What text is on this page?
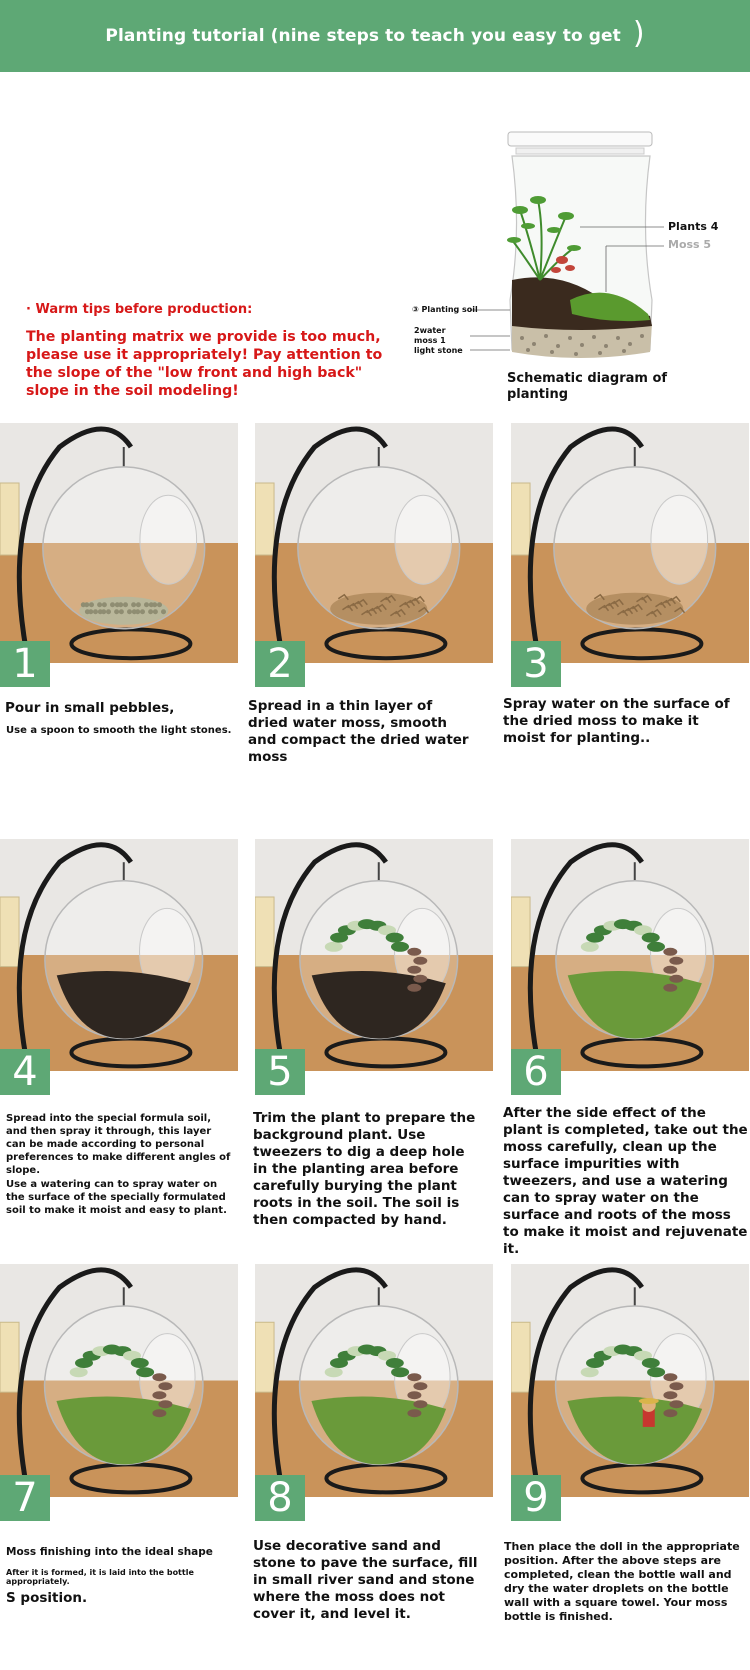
Planting tutorial (nine steps to teach you easy to get )
· Warm tips before production:
The planting matrix we provide is too much, please use it appropriately! Pay attention to the slope of the "low front and high back" slope in the soil modeling!
Plants 4
Moss 5
③ Planting soil
2water
moss 1
light stone
Schematic diagram of planting
1	2	3
4	5	6
7	8	9
Pour in small pebbles,
Use a spoon to smooth the light stones.
Spread in a thin layer of dried water moss, smooth and compact the dried water moss
Spray water on the surface of the dried moss to make it moist for planting..
Spread into the special formula soil, and then spray it through, this layer can be made according to personal preferences to make different angles of slope.
Use a watering can to spray water on the surface of the specially formulated soil to make it moist and easy to plant.
Trim the plant to prepare the background plant. Use tweezers to dig a deep hole in the planting area before carefully burying the plant roots in the soil. The soil is then compacted by hand.
After the side effect of the plant is completed, take out the moss carefully, clean up the surface impurities with tweezers, and use a watering can to spray water on the surface and roots of the moss to make it moist and rejuvenate it.
Moss finishing into the ideal shape
After it is formed, it is laid into the bottle appropriately.
S position.
Use decorative sand and stone to pave the surface, fill in small river sand and stone where the moss does not cover it, and level it.
Then place the doll in the appropriate position. After the above steps are completed, clean the bottle wall and dry the water droplets on the bottle wall with a square towel. Your moss bottle is finished.
